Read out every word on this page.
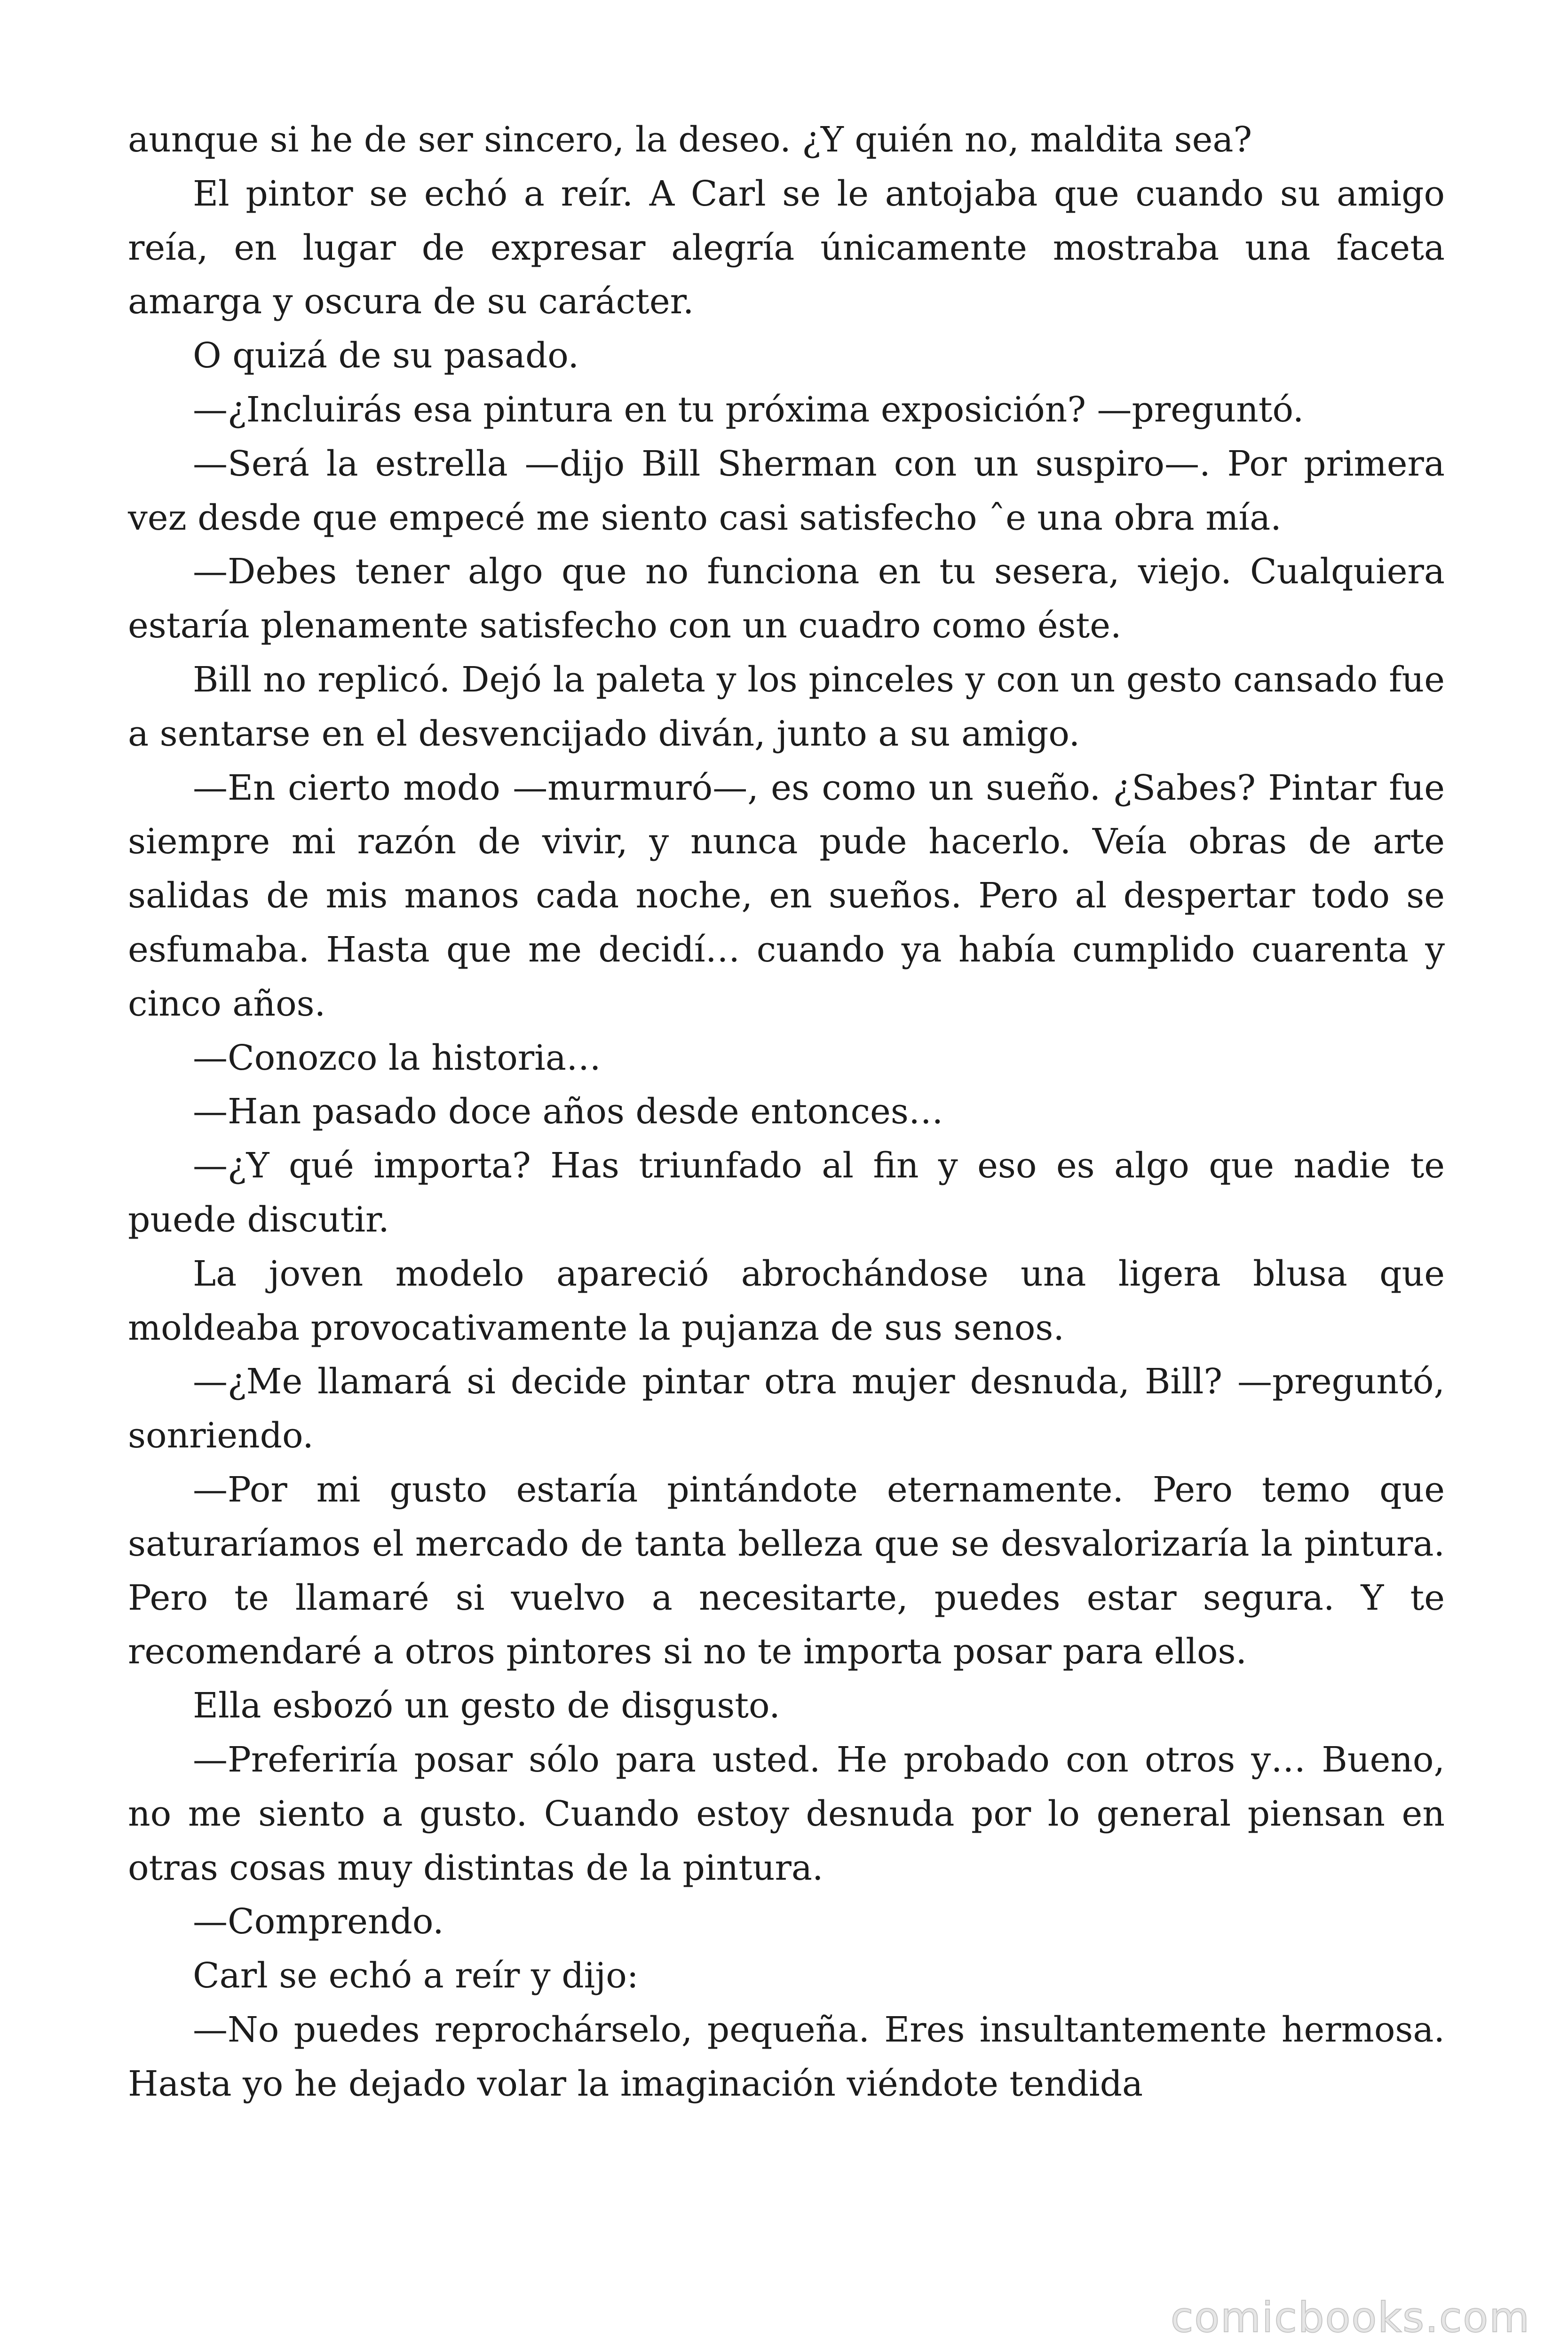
aunque si he de ser sincero, la deseo. ¿Y quién no, maldita sea?

El pintor se echó a reír. A Carl se le antojaba que cuando su amigo reía, en lugar de expresar alegría únicamente mostraba una faceta amarga y oscura de su carácter.

O quizá de su pasado.

—¿Incluirás esa pintura en tu próxima exposición? —preguntó.

—Será la estrella —dijo Bill Sherman con un suspiro—. Por primera vez desde que empecé me siento casi satisfecho ˆe una obra mía.

—Debes tener algo que no funciona en tu sesera, viejo. Cualquiera estaría plenamente satisfecho con un cuadro como éste.

Bill no replicó. Dejó la paleta y los pinceles y con un gesto cansado fue a sentarse en el desvencijado diván, junto a su amigo.

—En cierto modo —murmuró—, es como un sueño. ¿Sabes? Pintar fue siempre mi razón de vivir, y nunca pude hacerlo. Veía obras de arte salidas de mis manos cada noche, en sueños. Pero al despertar todo se esfumaba. Hasta que me decidí… cuando ya había cumplido cuarenta y cinco años.

—Conozco la historia…

—Han pasado doce años desde entonces…

—¿Y qué importa? Has triunfado al fin y eso es algo que nadie te puede discutir.

La joven modelo apareció abrochándose una ligera blusa que moldeaba provocativamente la pujanza de sus senos.

—¿Me llamará si decide pintar otra mujer desnuda, Bill? —preguntó, sonriendo.

—Por mi gusto estaría pintándote eternamente. Pero temo que saturaríamos el mercado de tanta belleza que se desvalorizaría la pintura. Pero te llamaré si vuelvo a necesitarte, puedes estar segura. Y te recomendaré a otros pintores si no te importa posar para ellos.

Ella esbozó un gesto de disgusto.

—Preferiría posar sólo para usted. He probado con otros y… Bueno, no me siento a gusto. Cuando estoy desnuda por lo general piensan en otras cosas muy distintas de la pintura.

—Comprendo.

Carl se echó a reír y dijo:

—No puedes reprochárselo, pequeña. Eres insultantemente hermosa. Hasta yo he dejado volar la imaginación viéndote tendida

comicbooks.com
